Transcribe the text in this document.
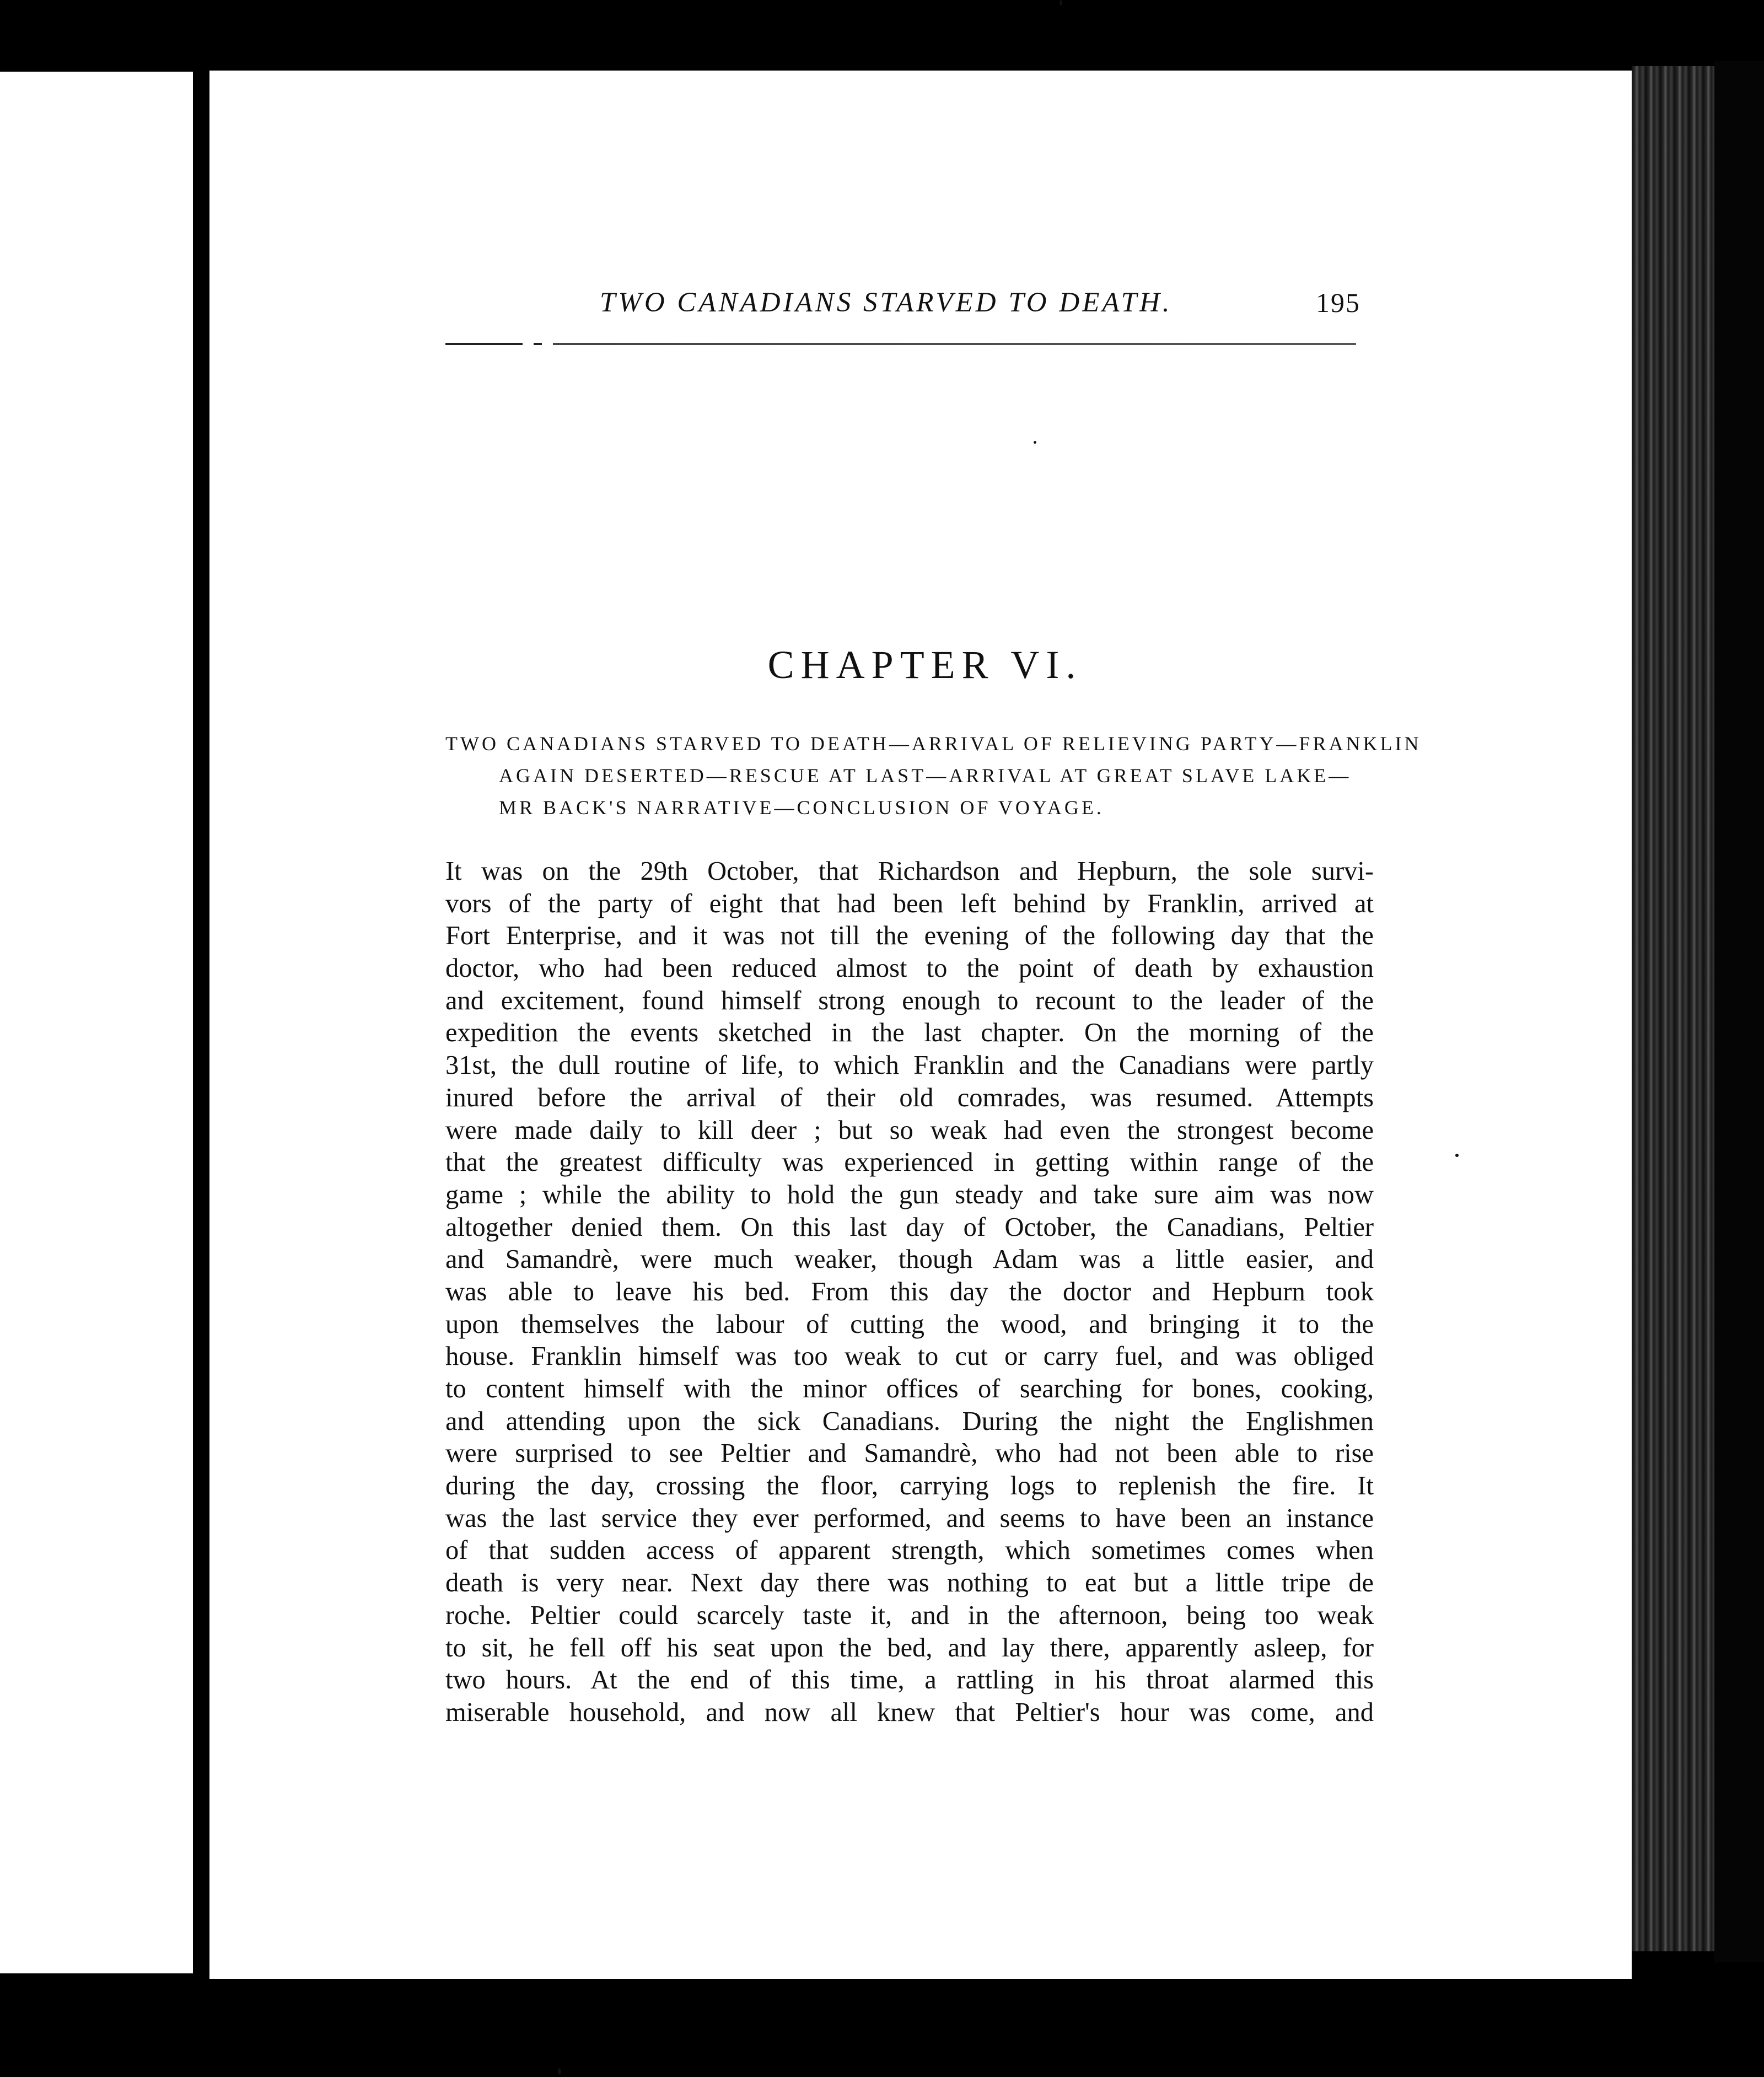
TWO CANADIANS STARVED TO DEATH.	195
CHAPTER VI.
TWO CANADIANS STARVED TO DEATH—ARRIVAL OF RELIEVING PARTY—FRANKLIN
AGAIN DESERTED—RESCUE AT LAST—ARRIVAL AT GREAT SLAVE LAKE—
MR BACK'S NARRATIVE—CONCLUSION OF VOYAGE.
It was on the 29th October, that Richardson and Hepburn, the sole survi-
vors of the party of eight that had been left behind by Franklin, arrived at
Fort Enterprise, and it was not till the evening of the following day that the
doctor, who had been reduced almost to the point of death by exhaustion
and excitement, found himself strong enough to recount to the leader of the
expedition the events sketched in the last chapter. On the morning of the
31st, the dull routine of life, to which Franklin and the Canadians were partly
inured before the arrival of their old comrades, was resumed. Attempts
were made daily to kill deer ; but so weak had even the strongest become
that the greatest difficulty was experienced in getting within range of the
game ; while the ability to hold the gun steady and take sure aim was now
altogether denied them. On this last day of October, the Canadians, Peltier
and Samandrè, were much weaker, though Adam was a little easier, and
was able to leave his bed. From this day the doctor and Hepburn took
upon themselves the labour of cutting the wood, and bringing it to the
house. Franklin himself was too weak to cut or carry fuel, and was obliged
to content himself with the minor offices of searching for bones, cooking,
and attending upon the sick Canadians. During the night the Englishmen
were surprised to see Peltier and Samandrè, who had not been able to rise
during the day, crossing the floor, carrying logs to replenish the fire. It
was the last service they ever performed, and seems to have been an instance
of that sudden access of apparent strength, which sometimes comes when
death is very near. Next day there was nothing to eat but a little tripe de
roche. Peltier could scarcely taste it, and in the afternoon, being too weak
to sit, he fell off his seat upon the bed, and lay there, apparently asleep, for
two hours. At the end of this time, a rattling in his throat alarmed this
miserable household, and now all knew that Peltier's hour was come, and
